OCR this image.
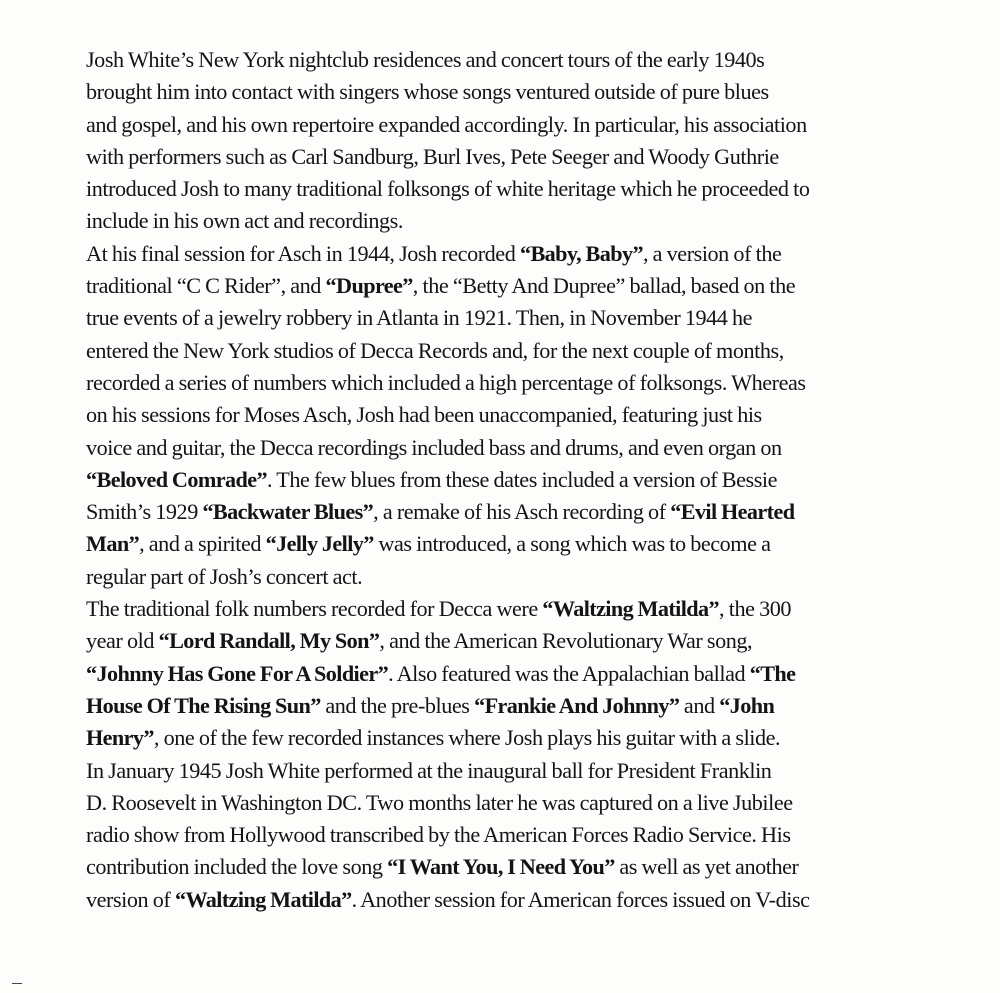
Josh White’s New York nightclub residences and concert tours of the early 1940s
brought him into contact with singers whose songs ventured outside of pure blues
and gospel, and his own repertoire expanded accordingly. In particular, his association
with performers such as Carl Sandburg, Burl Ives, Pete Seeger and Woody Guthrie
introduced Josh to many traditional folksongs of white heritage which he proceeded to
include in his own act and recordings.
At his final session for Asch in 1944, Josh recorded “Baby, Baby”, a version of the
traditional “C C Rider”, and “Dupree”, the “Betty And Dupree” ballad, based on the
true events of a jewelry robbery in Atlanta in 1921. Then, in November 1944 he
entered the New York studios of Decca Records and, for the next couple of months,
recorded a series of numbers which included a high percentage of folksongs. Whereas
on his sessions for Moses Asch, Josh had been unaccompanied, featuring just his
voice and guitar, the Decca recordings included bass and drums, and even organ on
“Beloved Comrade”. The few blues from these dates included a version of Bessie
Smith’s 1929 “Backwater Blues”, a remake of his Asch recording of “Evil Hearted
Man”, and a spirited “Jelly Jelly” was introduced, a song which was to become a
regular part of Josh’s concert act.
The traditional folk numbers recorded for Decca were “Waltzing Matilda”, the 300
year old “Lord Randall, My Son”, and the American Revolutionary War song,
“Johnny Has Gone For A Soldier”. Also featured was the Appalachian ballad “The
House Of The Rising Sun” and the pre-blues “Frankie And Johnny” and “John
Henry”, one of the few recorded instances where Josh plays his guitar with a slide.
In January 1945 Josh White performed at the inaugural ball for President Franklin
D. Roosevelt in Washington DC. Two months later he was captured on a live Jubilee
radio show from Hollywood transcribed by the American Forces Radio Service. His
contribution included the love song “I Want You, I Need You” as well as yet another
version of “Waltzing Matilda”. Another session for American forces issued on V-disc
